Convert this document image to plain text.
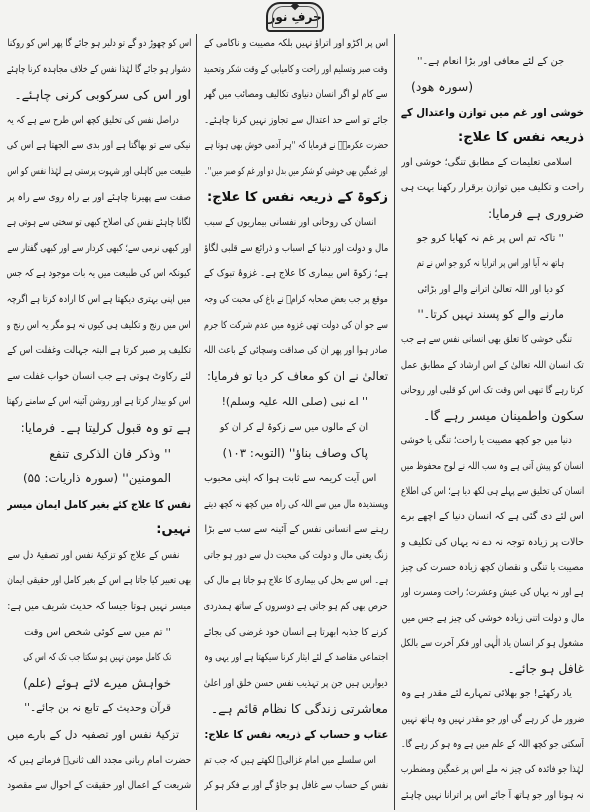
حرفِ نور
جن کے لئے معافی اور بڑا انعام ہے۔''
(سورہ ھود)
خوشی اور غم میں توازن واعتدال کے
ذریعہ نفس کا علاج:
اسلامی تعلیمات کے مطابق تنگی؛ خوشی اور
راحت و تکلیف میں توازن برقرار رکھنا بہت ہی
ضروری ہے فرمایا:
'' تاکہ تم اس پر غم نہ کھایا کرو جو
ہاتھ نہ آیا اور اس پر اترایا نہ کرو جو اس نے تم
کو دیا اور اللہ تعالیٰ اترانے والے اور بڑائی
مارنے والے کو پسند نہیں کرتا۔''
تنگی خوشی کا تعلق بھی انسانی نفس سے ہے جب
تک انسان اللہ تعالیٰ کے اس ارشاد کے مطابق عمل
کرتا رہے گا تبھی اس وقت تک اس کو قلبی اور روحانی
سکون واطمینان میسر رہے گا۔
دنیا میں جو کچھ مصیبت یا راحت؛ تنگی یا خوشی
انسان کو پیش آتی ہے وہ سب اللہ نے لوح محفوظ میں
انسان کی تخلیق سے پہلے ہی لکھ دیا ہے؛ اس کی اطلاع
اس لئے دی گئی ہے کہ انسان دنیا کے اچھے برے
حالات پر زیادہ توجہ نہ دے نہ یہاں کی تکلیف و
مصیبت یا تنگی و نقصان کچھ زیادہ حسرت کی چیز
ہے اور نہ یہاں کی عیش وعشرت؛ راحت ومسرت اور
مال و دولت اتنی زیادہ خوشی کی چیز ہے جس میں
مشغول ہو کر انسان یاد الٰہی اور فکر آخرت سے بالکل
غافل ہو جائے۔
یاد رکھئے! جو بھلائی تمہارے لئے مقدر ہے وہ
ضرور مل کر رہے گی اور جو مقدر نہیں وہ ہاتھ نہیں
آسکتی جو کچھ اللہ کے علم میں ہے وہ ہو کر رہے گا۔
لہٰذا جو فائدہ کی چیز نہ ملے اس پر غمگین ومضطرب
نہ ہونا اور جو ہاتھ آ جائے اس پر اترانا نہیں چاہئے
اس پر اکڑو اور اتراؤ نہیں بلکہ مصیبت و ناکامی کے
وقت صبر وتسلیم اور راحت و کامیابی کے وقت شکر وتحمید
سے کام لو اگر انسان دنیاوی تکالیف ومصائب میں گھر
جائے تو اسے حد اعتدال سے تجاوز نہیں کرنا چاہئے۔
حضرت عکرمہؓ نے فرمایا کہ ''ہر آدمی خوش بھی ہوتا ہے
اور غمگین بھی خوشی کو شکر میں بدل دو اور غم کو صبر میں''۔
زکوۃ کے ذریعہ نفس کا علاج:
انسان کی روحانی اور نفسانی بیماریوں کے سبب
مال و دولت اور دنیا کے اسباب و ذرائع سے قلبی لگاؤ
ہے؛ زکوۃ اس بیماری کا علاج ہے۔ غزوۂ تبوک کے
موقع پر جب بعض صحابہ کرامؓ نے باغ کی محبت کی وجہ
سے جو ان کی دولت تھی غزوہ میں عدم شرکت کا جرم
صادر ہوا اور پھر ان کی صداقت وسچائی کے باعث اللہ
تعالیٰ نے ان کو معاف کر دیا تو فرمایا:
'' اے نبی (صلی اللہ علیہ وسلم)!
ان کے مالوں میں سے زکوۃ لے کر ان کو
پاک وصاف بناؤ'' (التوبہ: ۱۰۳)
اس آیت کریمہ سے ثابت ہوا کہ اپنی محبوب
وپسندیدہ مال میں سے اللہ کی راہ میں کچھ نہ کچھ دیتے
رہنے سے انسانی نفس کے آئینہ سے سب سے بڑا
زنگ یعنی مال و دولت کی محبت دل سے دور ہو جاتی
ہے۔ اس سے بخل کی بیماری کا علاج ہو جاتا ہے مال کی
حرص بھی کم ہو جاتی ہے دوسروں کے ساتھ ہمدردی
کرنے کا جذبہ ابھرتا ہے انسان خود غرضی کی بجائے
اجتماعی مقاصد کے لئے ایثار کرنا سیکھتا ہے اور یہی وہ
دیواریں ہیں جن پر تہذیب نفس حسن خلق اور اعلیٰ
معاشرتی زندگی کا نظام قائم ہے۔
عتاب و حساب کے ذریعہ نفس کا علاج:
اس سلسلے میں امام غزالیؒ لکھتے ہیں کہ جب تم
نفس کے حساب سے غافل ہو جاؤ گے اور بے فکر ہو کر
اس کو چھوڑ دو گے تو دلیر ہو جائے گا پھر اس کو روکنا
دشوار ہو جائے گا لہٰذا نفس کے خلاف مجاہدہ کرنا چاہئے
اور اس کی سرکوبی کرنی چاہئے۔
دراصل نفس کی تخلیق کچھ اس طرح سے ہے کہ یہ
نیکی سے تو بھاگتا ہے اور بدی سے الجھتا ہے اس کی
طبیعت میں کاہلی اور شہوت پرستی ہے لہٰذا نفس کو اس
صفت سے پھیرنا چاہئے اور بے راہ روی سے راہ پر
لگانا چاہئے نفس کی اصلاح کبھی تو سختی سے ہوتی ہے
اور کبھی نرمی سے؛ کبھی کردار سے اور کبھی گفتار سے
کیونکہ اس کی طبیعت میں یہ بات موجود ہے کہ جس
میں اپنی بہتری دیکھتا ہے اس کا ارادہ کرتا ہے اگرچہ
اس میں رنج و تکلیف ہی کیوں نہ ہو مگر یہ اس رنج و
تکلیف پر صبر کرتا ہے البتہ جہالت وغفلت اس کے
لئے رکاوٹ ہوتی ہے جب انسان خواب غفلت سے
اس کو بیدار کرتا ہے اور روشن آئینہ اس کے سامنے رکھتا
ہے تو وہ قبول کرلیتا ہے۔ فرمایا:
'' وذکر فان الذکری تنفع
المومنین'' (سورہ ذاریات: ۵۵)
نفس کا علاج کئے بغیر کامل ایمان میسر
نہیں:
نفس کے علاج کو تزکیۂ نفس اور تصفیۂ دل سے
بھی تعبیر کیا جاتا ہے اس کے بغیر کامل اور حقیقی ایمان
میسر نہیں ہوتا جیسا کہ حدیث شریف میں ہے:
'' تم میں سے کوئی شخص اس وقت
تک کامل مومن نہیں ہو سکتا جب تک کہ اس کی
خواہش میرے لائے ہوئے (علم)
قرآن وحدیث کے تابع نہ بن جائے۔''
تزکیۂ نفس اور تصفیہ دل کے بارے میں
حضرت امام ربانی مجدد الف ثانیؒ فرماتے ہیں کہ
شریعت کے اعمال اور حقیقت کے احوال سے مقصود
